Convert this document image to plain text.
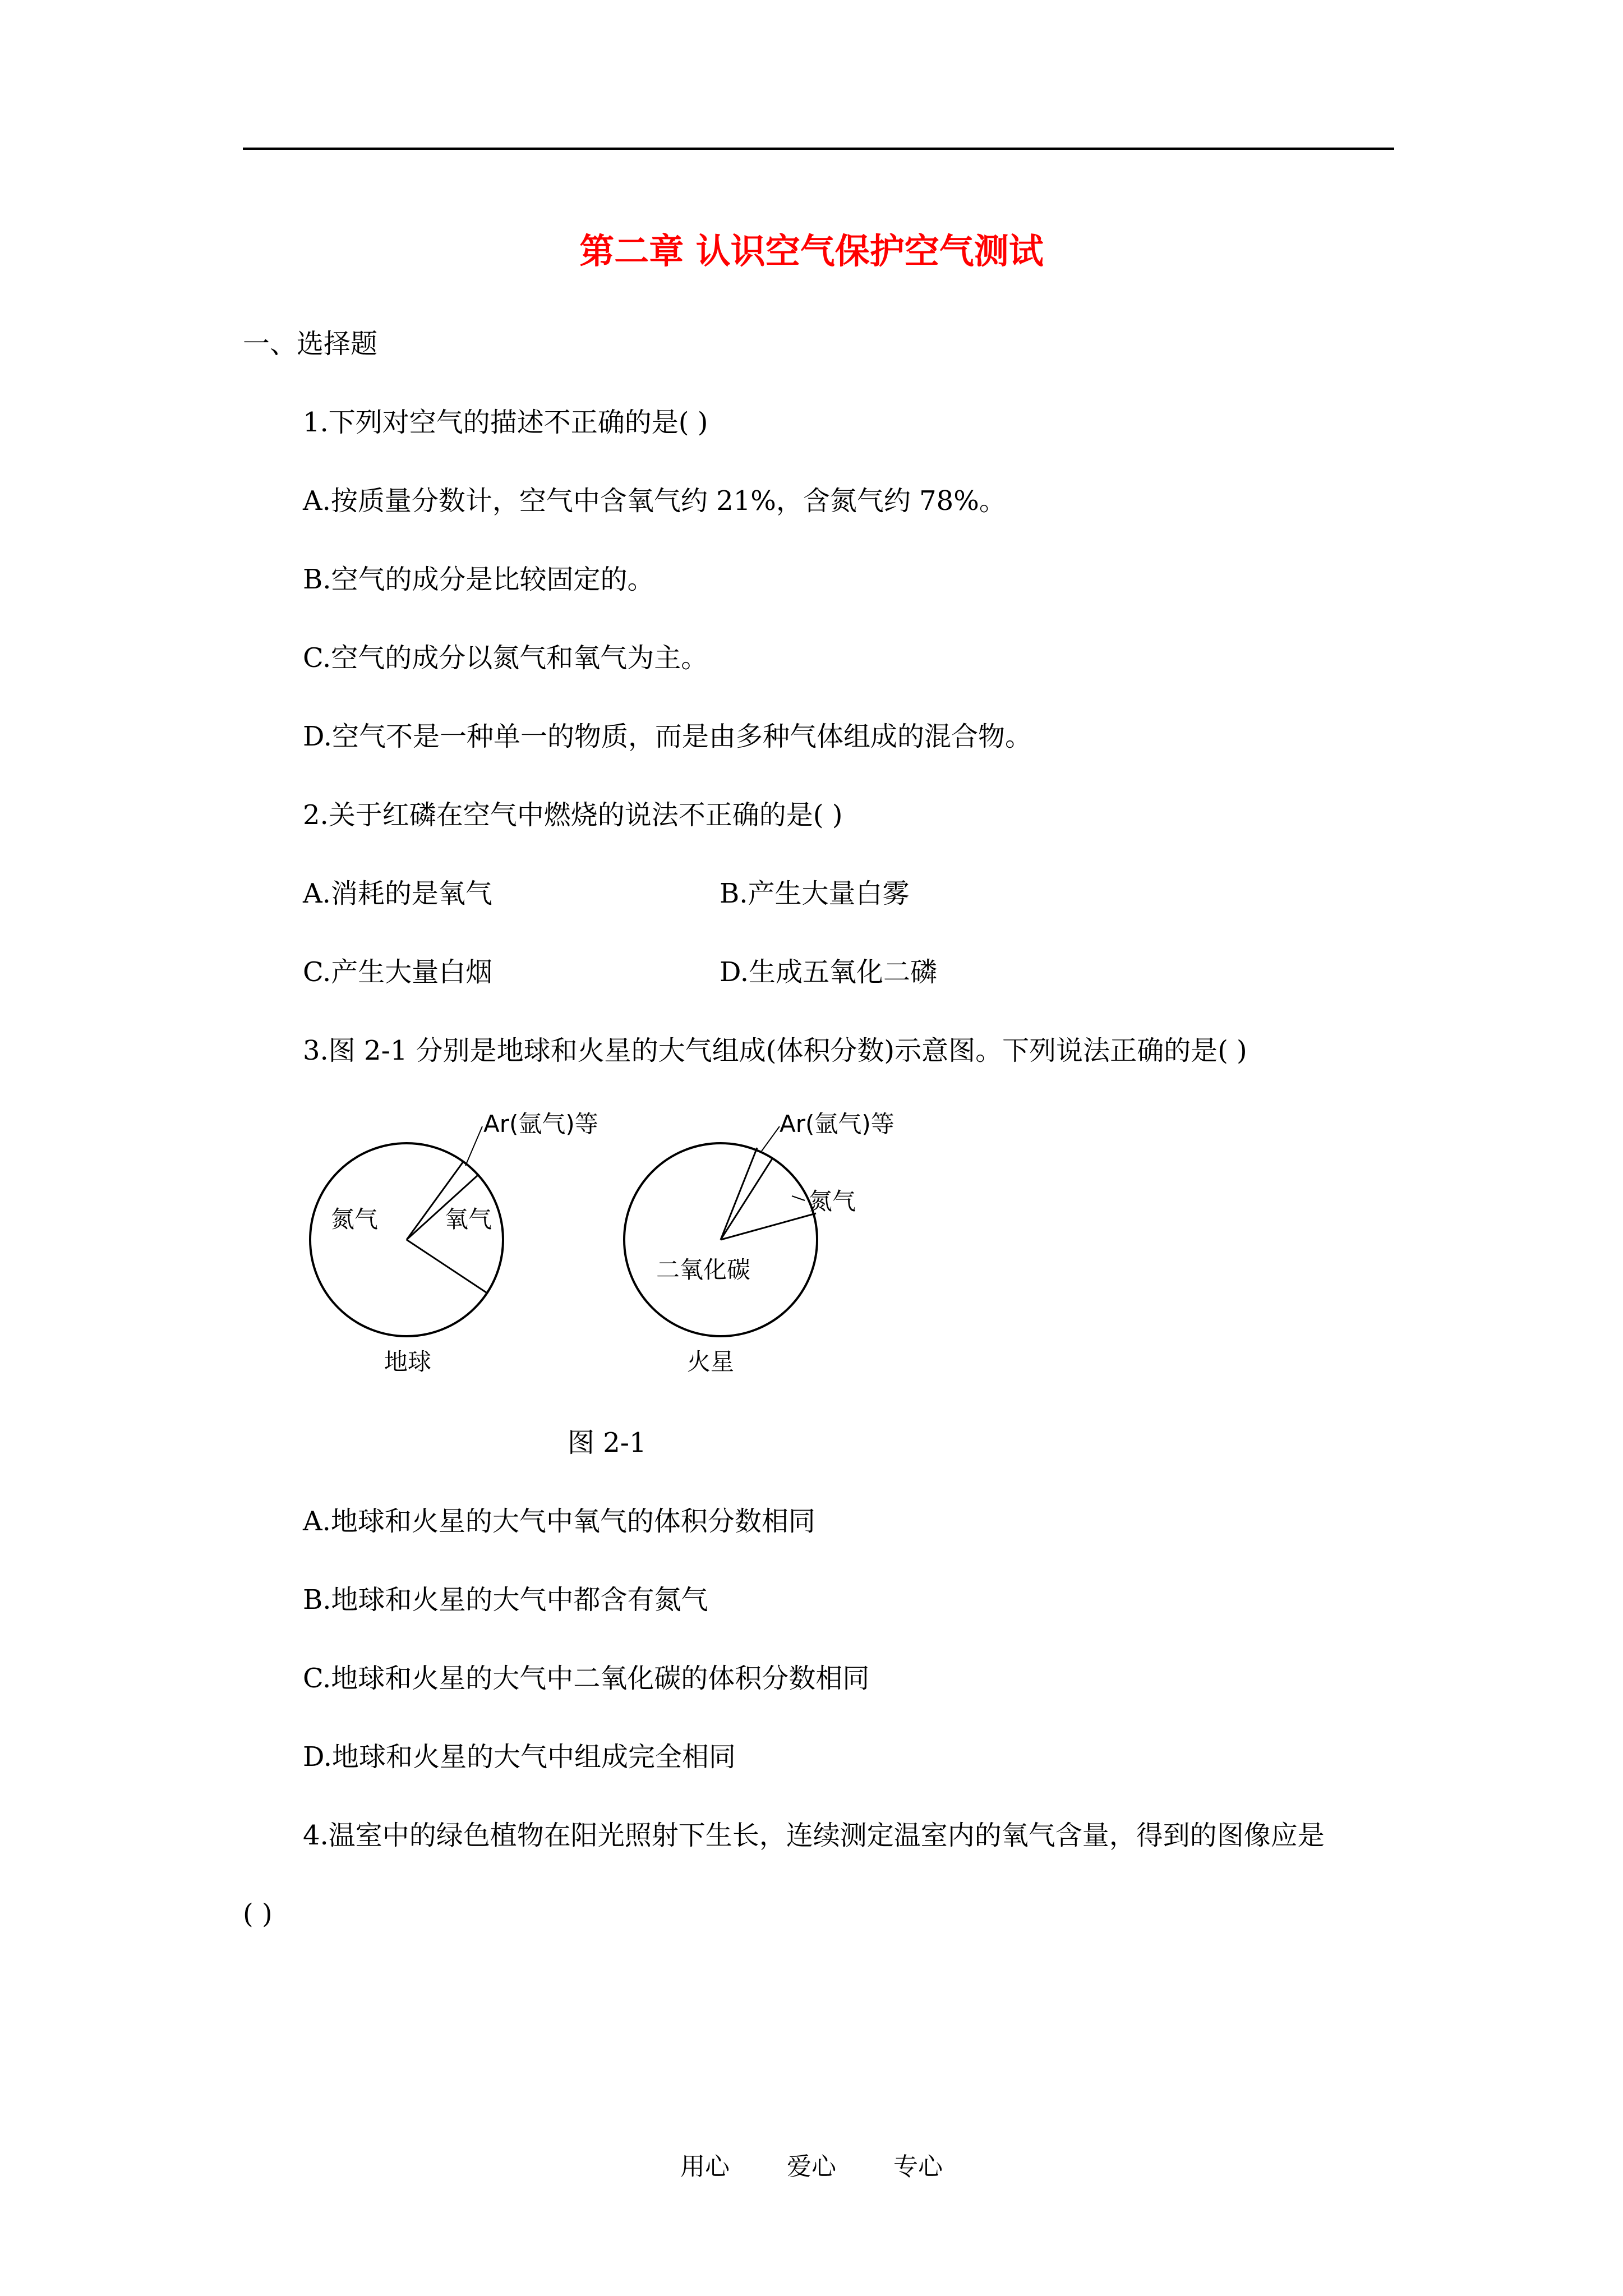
第二章 认识空气保护空气测试
一、选择题
1.下列对空气的描述不正确的是( )
A.按质量分数计，空气中含氧气约 21%，含氮气约 78%。
B.空气的成分是比较固定的。
C.空气的成分以氮气和氧气为主。
D.空气不是一种单一的物质，而是由多种气体组成的混合物。
2.关于红磷在空气中燃烧的说法不正确的是( )
A.消耗的是氧气	B.产生大量白雾
C.产生大量白烟	D.生成五氧化二磷
3.图 2-1 分别是地球和火星的大气组成(体积分数)示意图。下列说法正确的是( )
氮气	氧气
Ar(氩气)等
地球
Ar(氩气)等
氮气
二氧化碳
火星
图 2-1
A.地球和火星的大气中氧气的体积分数相同
B.地球和火星的大气中都含有氮气
C.地球和火星的大气中二氧化碳的体积分数相同
D.地球和火星的大气中组成完全相同
4.温室中的绿色植物在阳光照射下生长，连续测定温室内的氧气含量，得到的图像应是
( )
用心 爱心 专心
